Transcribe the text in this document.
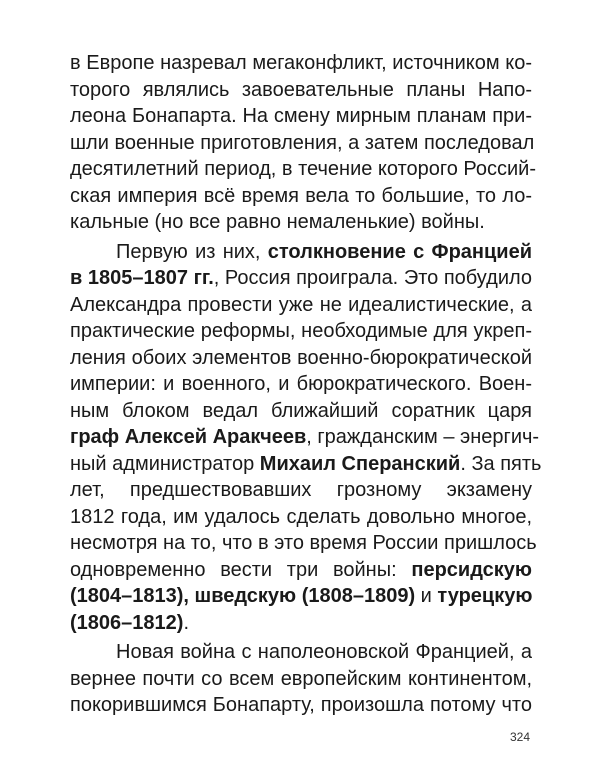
в Европе назревал мегаконфликт, источником ко-
торого являлись завоевательные планы Напо-
леона Бонапарта. На смену мирным планам при-
шли военные приготовления, а затем последовал
десятилетний период, в течение которого Россий-
ская империя всё время вела то большие, то ло-
кальные (но все равно немаленькие) войны.
Первую из них, столкновение с Францией
в 1805–1807 гг., Россия проиграла. Это побудило
Александра провести уже не идеалистические, а
практические реформы, необходимые для укреп-
ления обоих элементов военно-бюрократической
империи: и военного, и бюрократического. Воен-
ным блоком ведал ближайший соратник царя
граф Алексей Аракчеев, гражданским – энергич-
ный администратор Михаил Сперанский. За пять
лет, предшествовавших грозному экзамену
1812 года, им удалось сделать довольно многое,
несмотря на то, что в это время России пришлось
одновременно вести три войны: персидскую
(1804–1813), шведскую (1808–1809) и турецкую
(1806–1812).
Новая война с наполеоновской Францией, а
вернее почти со всем европейским континентом,
покорившимся Бонапарту, произошла потому что
324
